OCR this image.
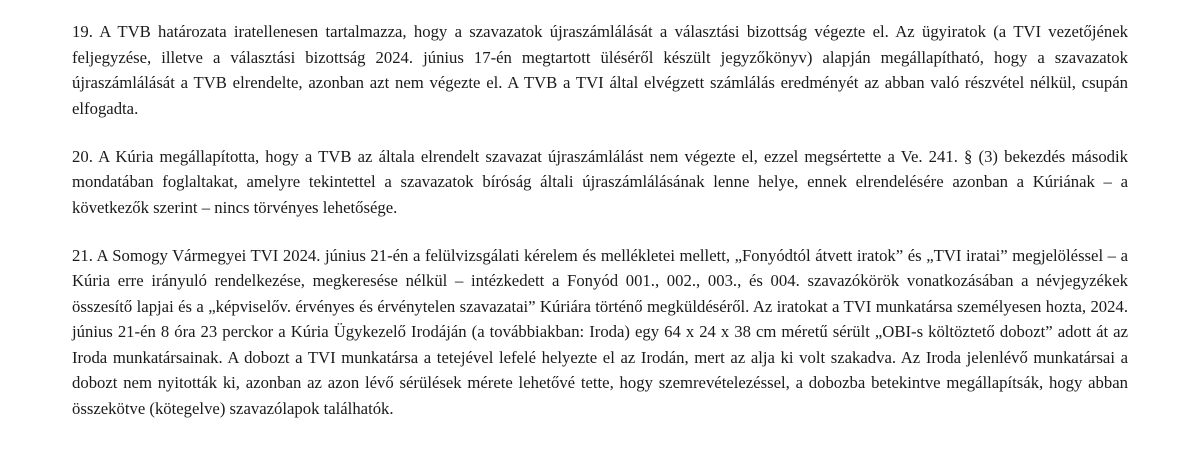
19. A TVB határozata iratellenesen tartalmazza, hogy a szavazatok újraszámlálását a választási bizottság végezte el. Az ügyiratok (a TVI vezetőjének feljegyzése, illetve a választási bizottság 2024. június 17-én megtartott üléséről készült jegyzőkönyv) alapján megállapítható, hogy a szavazatok újraszámlálását a TVB elrendelte, azonban azt nem végezte el. A TVB a TVI által elvégzett számlálás eredményét az abban való részvétel nélkül, csupán elfogadta.

20. A Kúria megállapította, hogy a TVB az általa elrendelt szavazat újraszámlálást nem végezte el, ezzel megsértette a Ve. 241. § (3) bekezdés második mondatában foglaltakat, amelyre tekintettel a szavazatok bíróság általi újraszámlálásának lenne helye, ennek elrendelésére azonban a Kúriának – a következők szerint – nincs törvényes lehetősége.

21. A Somogy Vármegyei TVI 2024. június 21-én a felülvizsgálati kérelem és mellékletei mellett, „Fonyódtól átvett iratok” és „TVI iratai” megjelöléssel – a Kúria erre irányuló rendelkezése, megkeresése nélkül – intézkedett a Fonyód 001., 002., 003., és 004. szavazókörök vonatkozásában a névjegyzékek összesítő lapjai és a „képviselőv. érvényes és érvénytelen szavazatai” Kúriára történő megküldéséről. Az iratokat a TVI munkatársa személyesen hozta, 2024. június 21-én 8 óra 23 perckor a Kúria Ügykezelő Irodáján (a továbbiakban: Iroda) egy 64 x 24 x 38 cm méretű sérült „OBI-s költöztető dobozt” adott át az Iroda munkatársainak. A dobozt a TVI munkatársa a tetejével lefelé helyezte el az Irodán, mert az alja ki volt szakadva. Az Iroda jelenlévő munkatársai a dobozt nem nyitották ki, azonban az azon lévő sérülések mérete lehetővé tette, hogy szemrevételezéssel, a dobozba betekintve megállapítsák, hogy abban összekötve (kötegelve) szavazólapok találhatók.
